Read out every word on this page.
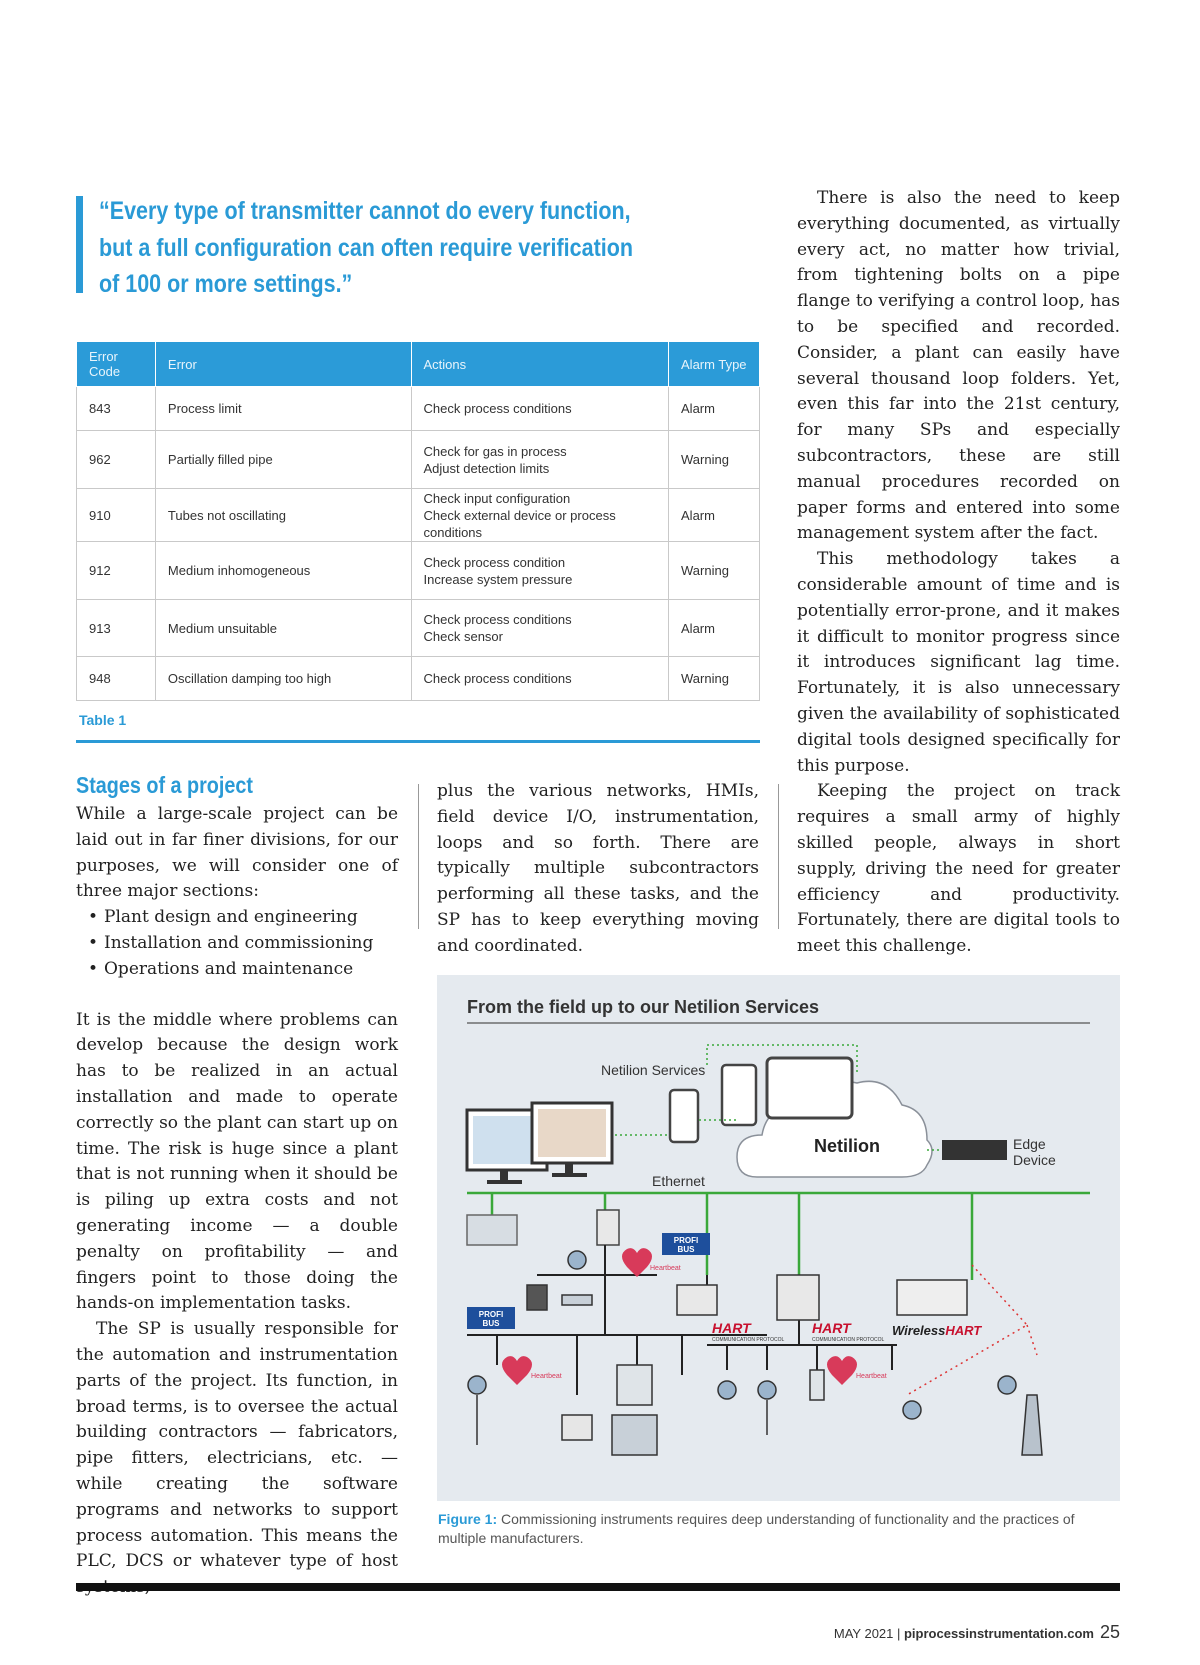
“Every type of transmitter cannot do every function,
but a full configuration can often require verification
of 100 or more settings.”
Error Code	Error	Actions	Alarm Type
843	Process limit	Check process conditions	Alarm
962	Partially filled pipe	Check for gas in process
Adjust detection limits	Warning
910	Tubes not oscillating	Check input configuration
Check external device or process conditions	Alarm
912	Medium inhomogeneous	Check process condition
Increase system pressure	Warning
913	Medium unsuitable	Check process conditions
Check sensor	Alarm
948	Oscillation damping too high	Check process conditions	Warning
Table 1
Stages of a project

While a large-scale project can be laid out in far finer divisions, for our purposes, we will consider one of three major sections:

• Plant design and engineering
• Installation and commissioning
• Operations and maintenance

It is the middle where problems can develop because the design work has to be realized in an actual installation and made to operate correctly so the plant can start up on time. The risk is huge since a plant that is not running when it should be is piling up extra costs and not generating income — a double penalty on profitability — and fingers point to those doing the hands-on implementation tasks.

The SP is usually responsible for the automation and instrumentation parts of the project. Its function, in broad terms, is to oversee the actual building contractors — fabricators, pipe fitters, electricians, etc. — while creating the software programs and networks to support process automation. This means the PLC, DCS or whatever type of host

plus the various networks, HMIs, field device I/O, instrumentation, loops and so forth. There are typically multiple subcontractors performing all these tasks, and the SP has to keep everything moving and coordinated.

There is also the need to keep everything documented, as virtually every act, no matter how trivial, from tightening bolts on a pipe flange to verifying a control loop, has to be specified and recorded. Consider, a plant can easily have several thousand loop folders. Yet, even this far into the 21st century, for many SPs and especially subcontractors, these are still manual procedures recorded on paper forms and entered into some management system after the fact.

This methodology takes a considerable amount of time and is potentially error-prone, and it makes it difficult to monitor progress since it introduces significant lag time. Fortunately, it is also unnecessary given the availability of sophisticated digital tools designed specifically for this purpose.

Keeping the project on track requires a small army of highly skilled people, always in short supply, driving the need for greater efficiency and productivity. Fortunately, there are digital tools to meet this challenge.

From the field up to our Netilion Services
Netilion
Netilion Services
Edge
Device
Ethernet
PROFI
BUS
PROFI
BUS
Heartbeat
Heartbeat	Heartbeat
HART
COMMUNICATION PROTOCOL
HART
COMMUNICATION PROTOCOL
WirelessHART
Figure 1: Commissioning instruments requires deep understanding of functionality and the practices of multiple manufacturers.
MAY 2021 | piprocessinstrumentation.com 25
